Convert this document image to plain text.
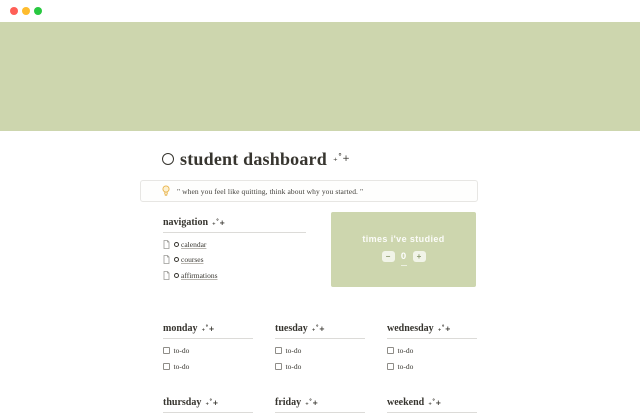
student dashboard ₊˚+
" when you feel like quitting, think about why you started. "
navigation ₊˚+
calendar
courses
affirmations
times i've studied
−	0	+
monday ₊˚+
to-do
to-do
tuesday ₊˚+
to-do
to-do
wednesday ₊˚+
to-do
to-do
thursday ₊˚+	friday ₊˚+	weekend ₊˚+
